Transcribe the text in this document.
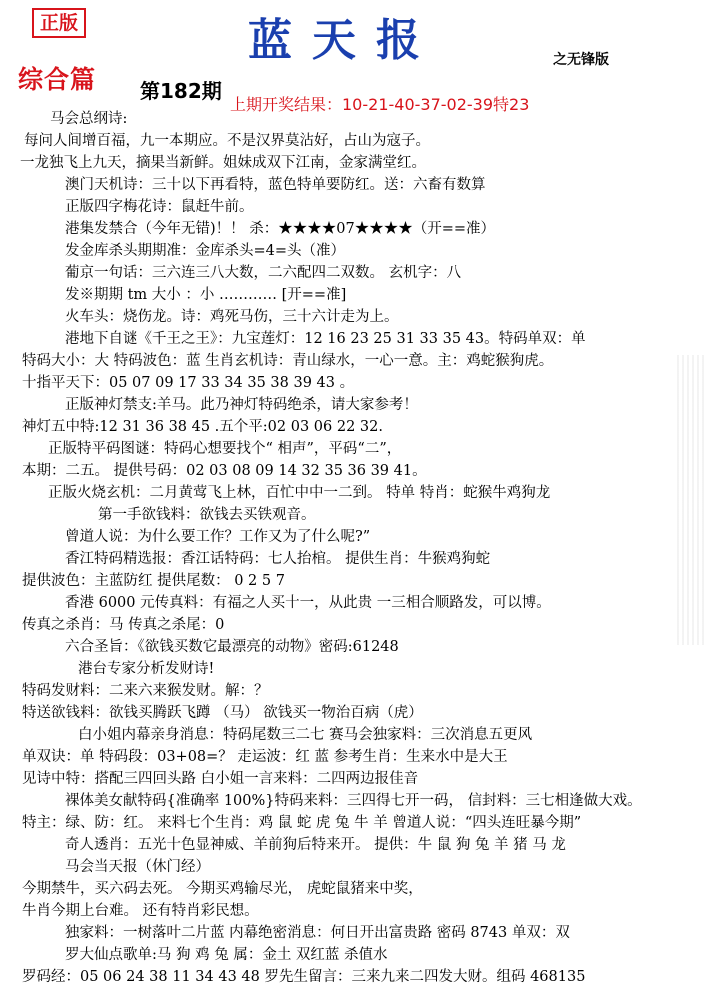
正版	蓝天报	之无锋版
综合篇 第182期
上期开奖结果：10-21-40-37-02-39特23
马会总纲诗:
每问人间增百福，九一本期应。不是汉界莫沾好，占山为寇子。
一龙独飞上九天，摘果当新鲜。姐妹成双下江南，金家满堂红。
澳门天机诗：三十以下再看特，蓝色特单要防红。送：六畜有数算
正版四字梅花诗：鼠赶牛前。
港集发禁合（今年无错)！！ 杀：★★★★07★★★★（开==准）
发金库杀头期期准：金库杀头=4=头（准）
葡京一句话：三六连三八大数，二六配四二双数。 玄机字：八
发※期期 tm 大小 ：小 ………… [开==准]
火车头：烧伤龙。诗：鸡死马伤，三十六计走为上。
港地下自谜《千王之王》：九宝莲灯：12 16 23 25 31 33 35 43。特码单双：单
特码大小：大 特码波色：蓝 生肖玄机诗：青山绿水，一心一意。主：鸡蛇猴狗虎。
十指平天下：05 07 09 17 33 34 35 38 39 43 。
正版神灯禁支:羊马。此乃神灯特码绝杀，请大家参考！
神灯五中特:12 31 36 38 45 .五个平:02 03 06 22 32.
正版特平码图谜：特码心想要找个“ 相声”，平码“二”，
本期：二五。 提供号码：02 03 08 09 14 32 35 36 39 41。
正版火烧玄机：二月黄莺飞上林，百忙中中一二到。 特单 特肖：蛇猴牛鸡狗龙
第一手欲钱料：欲钱去买铁观音。
曾道人说：为什么要工作？工作又为了什么呢?”
香江特码精选报：香江话特码：七人抬棺。 提供生肖：牛猴鸡狗蛇
提供波色：主蓝防红 提供尾数： 0 2 5 7
香港 6000 元传真料：有福之人买十一，从此贵 一三相合顺路发，可以博。
传真之杀肖：马 传真之杀尾：0
六合圣旨：《欲钱买数它最漂亮的动物》密码:61248
港台专家分析发财诗!
特码发财料：二来六来猴发财。解：？
特送欲钱料：欲钱买腾跃飞蹲 （马） 欲钱买一物治百病（虎）
白小姐内幕亲身消息：特码尾数三二七 赛马会独家料：三次消息五更风
单双诀：单 特码段：03+08=？ 走运波：红 蓝 参考生肖：生来水中是大王
见诗中特：搭配三四回头路 白小姐一言来料：二四两边报佳音
裸体美女献特码{准确率 100%}特码来料：三四得七开一码， 信封料：三七相逢做大戏。
特主：绿、防：红。 来料七个生肖：鸡 鼠 蛇 虎 兔 牛 羊 曾道人说：“四头连旺暴今期”
奇人透肖：五光十色显神威、羊前狗后特来开。 提供：牛 鼠 狗 兔 羊 猪 马 龙
马会当天报（休门经）
今期禁牛，买六码去死。 今期买鸡输尽光， 虎蛇鼠猪来中奖，
牛肖今期上台难。 还有特肖彩民想。
独家料：一树落叶二片蓝 内幕绝密消息：何日开出富贵路 密码 8743 单双：双
罗大仙点歌单:马 狗 鸡 兔 属：金土 双红蓝 杀值水
罗码经：05 06 24 38 11 34 43 48 罗先生留言：三来九来二四发大财。组码 468135
